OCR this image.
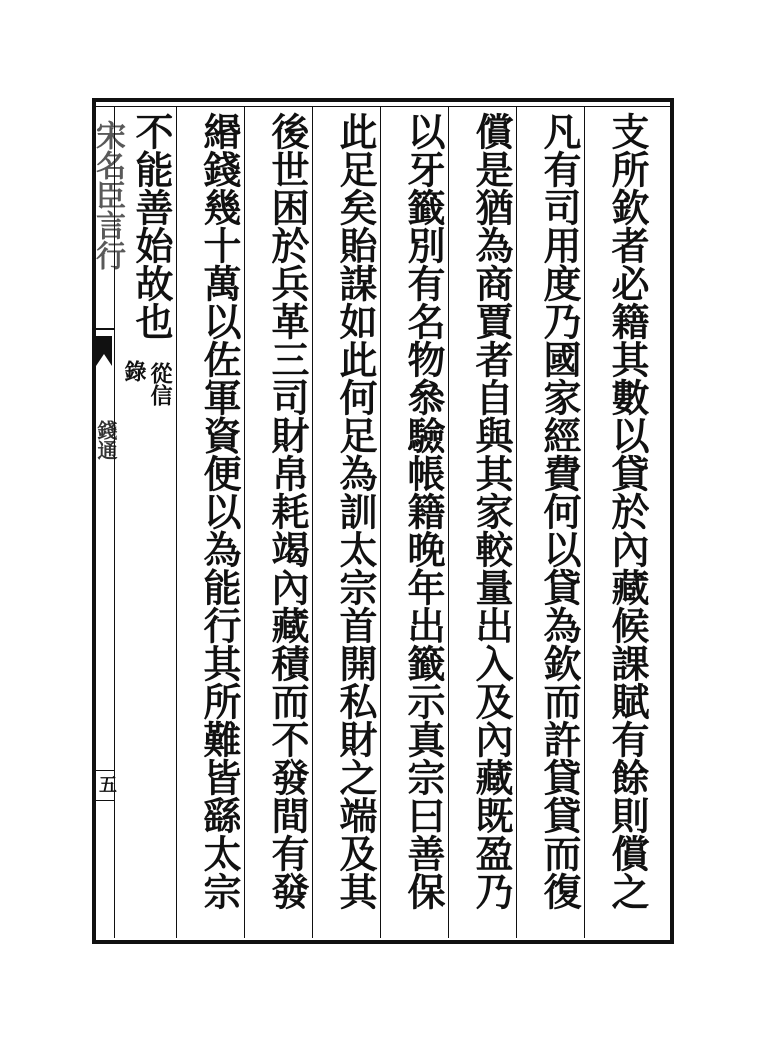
宋名臣言行
錢通
五	支所欽者必籍其數以貸於內藏候課賦有餘則償之
凡有司用度乃國家經費何以貸為欽而許貸貸而復
償是猶為商賈者自與其家較量出入及內藏既盈乃
以牙籤別有名物叅驗帳籍晚年出籤示真宗曰善保
此足矣貽謀如此何足為訓太宗首開私財之端及其
後世困於兵革三司財帛耗竭內藏積而不發間有發
緡錢幾十萬以佐軍資便以為能行其所難皆繇太宗
不能善始故也
從信
錄
